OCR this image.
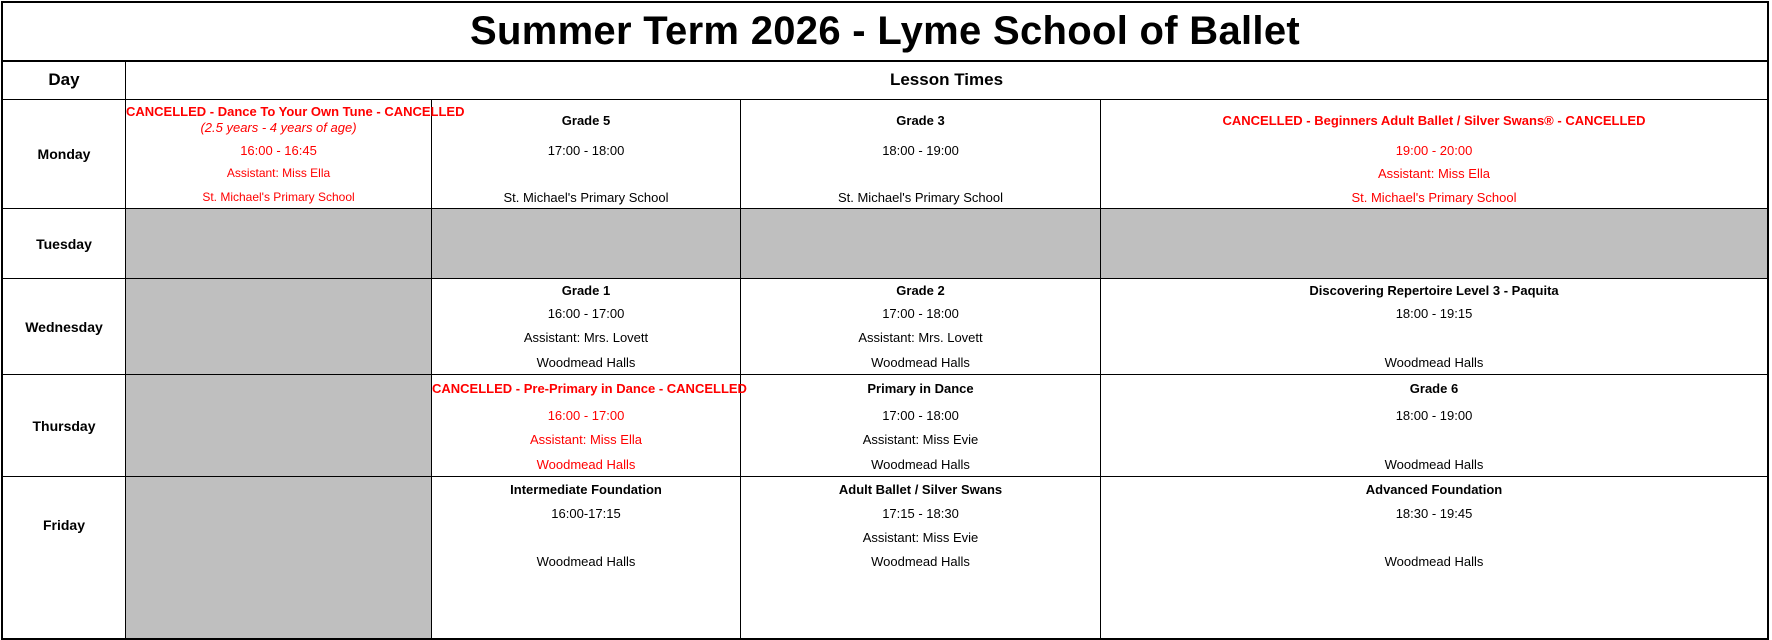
Summer Term 2026 - Lyme School of Ballet
Day	Lesson Times
Monday
CANCELLED - Dance To Your Own Tune - CANCELLED
(2.5 years - 4 years of age)
16:00 - 16:45
Assistant: Miss Ella
St. Michael's Primary School
Grade 5
17:00 - 18:00
St. Michael's Primary School
Grade 3
18:00 - 19:00
St. Michael's Primary School
CANCELLED - Beginners Adult Ballet / Silver Swans® - CANCELLED
19:00 - 20:00
Assistant: Miss Ella
St. Michael's Primary School
Tuesday
Wednesday
Grade 1
16:00 - 17:00
Assistant: Mrs. Lovett
Woodmead Halls
Grade 2
17:00 - 18:00
Assistant: Mrs. Lovett
Woodmead Halls
Discovering Repertoire Level 3 - Paquita
18:00 - 19:15
Woodmead Halls
Thursday
CANCELLED - Pre-Primary in Dance - CANCELLED
16:00 - 17:00
Assistant: Miss Ella
Woodmead Halls
Primary in Dance
17:00 - 18:00
Assistant: Miss Evie
Woodmead Halls
Grade 6
18:00 - 19:00
Woodmead Halls
Friday
Intermediate Foundation
16:00-17:15
Woodmead Halls
Adult Ballet / Silver Swans
17:15 - 18:30
Assistant: Miss Evie
Woodmead Halls
Advanced Foundation
18:30 - 19:45
Woodmead Halls
